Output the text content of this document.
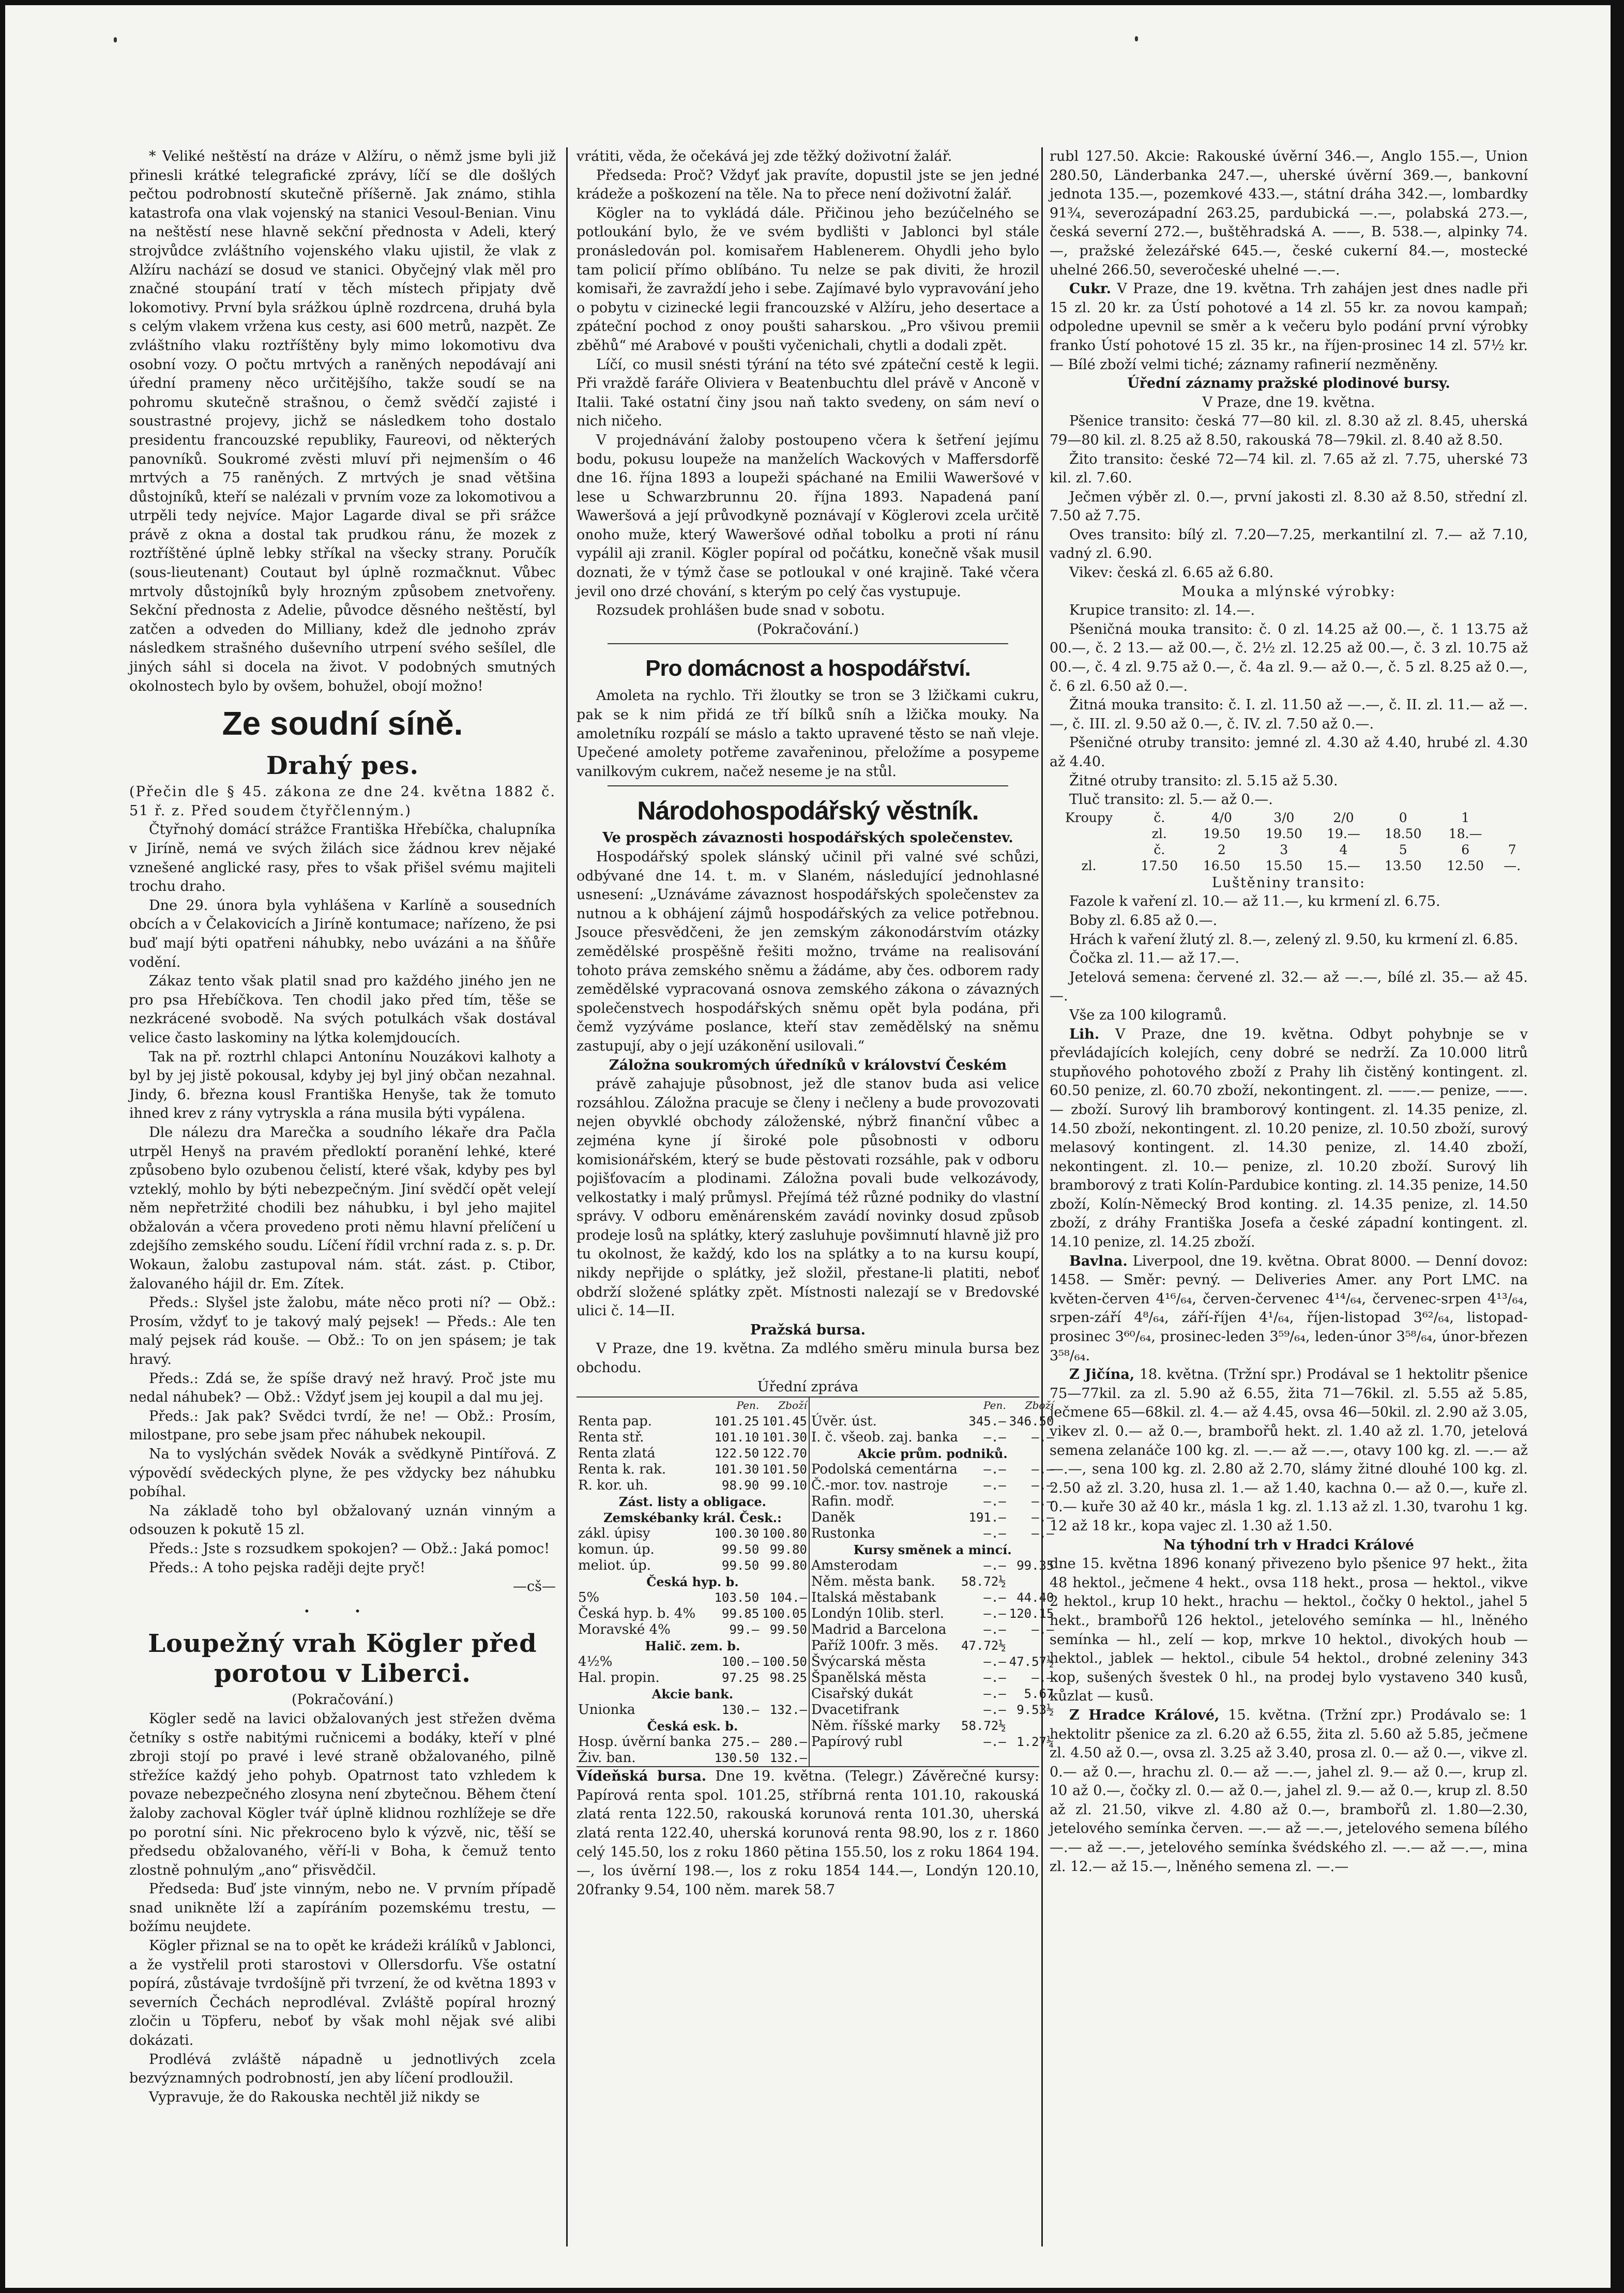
* Veliké neštěstí na dráze v Alžíru, o němž jsme byli již přinesli krátké telegrafické zprávy, líčí se dle došlých pečtou podrobností skutečně příšerně. Jak známo, stihla katastrofa ona vlak vojenský na stanici Vesoul-Benian. Vinu na neštěstí nese hlavně sekční přednosta v Adeli, který strojvůdce zvláštního vojenského vlaku ujistil, že vlak z Alžíru nachází se dosud ve stanici. Obyčejný vlak měl pro značné stoupání tratí v těch místech připjaty dvě lokomotivy. První byla srážkou úplně rozdrcena, druhá byla s celým vlakem vržena kus cesty, asi 600 metrů, nazpět. Ze zvláštního vlaku roztříštěny byly mimo lokomotivu dva osobní vozy. O počtu mrtvých a raněných nepodávají ani úřední prameny něco určitějšího, takže soudí se na pohromu skutečně strašnou, o čemž svědčí zajisté i soustrastné projevy, jichž se následkem toho dostalo presidentu francouzské republiky, Faureovi, od některých panovníků. Soukromé zvěsti mluví při nejmenším o 46 mrtvých a 75 raněných. Z mrtvých je snad většina důstojníků, kteří se nalézali v prvním voze za lokomotivou a utrpěli tedy nejvíce. Major Lagarde dival se při srážce právě z okna a dostal tak prudkou ránu, že mozek z roztříštěné úplně lebky stříkal na všecky strany. Poručík (sous-lieutenant) Coutaut byl úplně rozmačknut. Vůbec mrtvoly důstojníků byly hrozným způsobem znetvořeny. Sekční přednosta z Adelie, původce děsného neštěstí, byl zatčen a odveden do Milliany, kdež dle jednoho zpráv následkem strašného duševního utrpení svého sešílel, dle jiných sáhl si docela na život. V podobných smutných okolnostech bylo by ovšem, bohužel, obojí možno!

Ze soudní síně.
Drahý pes.

(Přečin dle § 45. zákona ze dne 24. května 1882 č. 51 ř. z. Před soudem čtyřčlenným.)

Čtyřnohý domácí strážce Františka Hřebíčka, chalupníka v Jiríně, nemá ve svých žilách sice žádnou krev nějaké vznešené anglické rasy, přes to však přišel svému majiteli trochu draho.

Dne 29. února byla vyhlášena v Karlíně a sousedních obcích a v Čelakovicích a Jiríně kontumace; nařízeno, že psi buď mají býti opatřeni náhubky, nebo uvázáni a na šňůře vodění.

Zákaz tento však platil snad pro každého jiného jen ne pro psa Hřebíčkova. Ten chodil jako před tím, těše se nezkrácené svobodě. Na svých potulkách však dostával velice často laskominy na lýtka kolemjdoucích.

Tak na př. roztrhl chlapci Antonínu Nouzákovi kalhoty a byl by jej jistě pokousal, kdyby jej byl jiný občan nezahnal. Jindy, 6. března kousl Františka Henyše, tak že tomuto ihned krev z rány vytryskla a rána musila býti vypálena.

Dle nálezu dra Marečka a soudního lékaře dra Pačla utrpěl Henyš na pravém předloktí poranění lehké, které způsobeno bylo ozubenou čelistí, které však, kdyby pes byl vzteklý, mohlo by býti nebezpečným. Jiní svědčí opět velejí něm nepřetržité chodili bez náhubku, i byl jeho majitel obžalován a včera provedeno proti němu hlavní přelíčení u zdejšího zemského soudu. Líčení řídil vrchní rada z. s. p. Dr. Wokaun, žalobu zastupoval nám. stát. zást. p. Ctibor, žalovaného hájil dr. Em. Zítek.

Předs.: Slyšel jste žalobu, máte něco proti ní? — Obž.: Prosím, vždyť to je takový malý pejsek! — Předs.: Ale ten malý pejsek rád kouše. — Obž.: To on jen spásem; je tak hravý.

Předs.: Zdá se, že spíše dravý než hravý. Proč jste mu nedal náhubek? — Obž.: Vždyť jsem jej koupil a dal mu jej.

Předs.: Jak pak? Svědci tvrdí, že ne! — Obž.: Prosím, milostpane, pro sebe jsam přec náhubek nekoupil.

Na to vyslýchán svědek Novák a svědkyně Pintířová. Z výpovědí svědeckých plyne, že pes vždycky bez náhubku pobíhal.

Na základě toho byl obžalovaný uznán vinným a odsouzen k pokutě 15 zl.

Předs.: Jste s rozsudkem spokojen? — Obž.: Jaká pomoc!

Předs.: A toho pejska raději dejte pryč!

—cš—

• •
Loupežný vrah Kögler před porotou v Liberci.

(Pokračování.)

Kögler sedě na lavici obžalovaných jest střežen dvěma četníky s ostře nabitými ručnicemi a bodáky, kteří v plné zbroji stojí po pravé i levé straně obžalovaného, pilně střežíce každý jeho pohyb. Opatrnost tato vzhledem k povaze nebezpečného zlosyna není zbytečnou. Během čtení žaloby zachoval Kögler tvář úplně klidnou rozhlížeje se dře po porotní síni. Nic překroceno bylo k výzvě, nic, těší se předsedu obžalovaného, věří-li v Boha, k čemuž tento zlostně pohnulým „ano“ přisvědčil.

Předseda: Buď jste vinným, nebo ne. V prvním případě snad unikněte lží a zapíráním pozemskému trestu, — božímu neujdete.

Kögler přiznal se na to opět ke krádeži králíků v Jablonci, a že vystřelil proti starostovi v Ollersdorfu. Vše ostatní popírá, zůstávaje tvrdošíjně při tvrzení, že od května 1893 v severních Čechách neprodléval. Zvláště popíral hrozný zločin u Töpferu, neboť by však mohl nějak své alibi dokázati.

Prodlévá zvláště nápadně u jednotlivých zcela bezvýznamných podrobností, jen aby líčení prodloužil.

Vypravuje, že do Rakouska nechtěl již nikdy se

vrátiti, věda, že očekává jej zde těžký doživotní žalář.

Předseda: Proč? Vždyť jak pravíte, dopustil jste se jen jedné krádeže a poškození na těle. Na to přece není doživotní žalář.

Kögler na to vykládá dále. Přičinou jeho bezúčelného se potloukání bylo, že ve svém bydlišti v Jablonci byl stále pronásledován pol. komisařem Hablenerem. Ohydli jeho bylo tam policií přímo oblíbáno. Tu nelze se pak diviti, že hrozil komisaři, že zavraždí jeho i sebe. Zajímavé bylo vypravování jeho o pobytu v cizinecké legii francouzské v Alžíru, jeho desertace a zpáteční pochod z onoy poušti saharskou. „Pro všivou premii zběhů“ mé Arabové v poušti vyčenichali, chytli a dodali zpět.

Líčí, co musil snésti týrání na této své zpáteční cestě k legii. Při vraždě faráře Oliviera v Beatenbuchtu dlel právě v Anconě v Italii. Také ostatní činy jsou naň takto svedeny, on sám neví o nich ničeho.

V projednávání žaloby postoupeno včera k šetření jejímu bodu, pokusu loupeže na manželích Wackových v Maffersdorfě dne 16. října 1893 a loupeži spáchané na Emilii Waweršové v lese u Schwarzbrunnu 20. října 1893. Napadená paní Waweršová a její průvodkyně poznávají v Köglerovi zcela určitě onoho muže, který Waweršové odňal tobolku a proti ní ránu vypálil aji zranil. Kögler popíral od počátku, konečně však musil doznati, že v týmž čase se potloukal v oné krajině. Také včera jevil ono drzé chování, s kterým po celý čas vystupuje.

Rozsudek prohlášen bude snad v sobotu.

(Pokračování.)

Pro domácnost a hospodářství.

Amoleta na rychlo. Tři žloutky se tron se 3 lžičkami cukru, pak se k nim přidá ze tří bílků sníh a lžička mouky. Na amoletníku rozpálí se máslo a takto upravené těsto se naň vleje. Upečené amolety potřeme zavařeninou, přeložíme a posypeme vanilkovým cukrem, načež neseme je na stůl.

Národohospodářský věstník.

Ve prospěch závaznosti hospodářských společenstev.

Hospodářský spolek slánský učinil při valné své schůzi, odbývané dne 14. t. m. v Slaném, následující jednohlasné usnesení: „Uznáváme závaznost hospodářských společenstev za nutnou a k obhájení zájmů hospodářských za velice potřebnou. Jsouce přesvědčeni, že jen zemským zákonodárstvím otázky zemědělské prospěšně řešiti možno, trváme na realisování tohoto práva zemského sněmu a žádáme, aby čes. odborem rady zemědělské vypracovaná osnova zemského zákona o závazných společenstvech hospodářských sněmu opět byla podána, při čemž vyzýváme poslance, kteří stav zemědělský na sněmu zastupují, aby o její uzákonění usilovali.“

Záložna soukromých úředníků v království Českém

právě zahajuje působnost, jež dle stanov buda asi velice rozsáhlou. Záložna pracuje se členy i nečleny a bude provozovati nejen obyvklé obchody záloženské, nýbrž finanční vůbec a zejména kyne jí široké pole působnosti v odboru komisionářském, který se bude pěstovati rozsáhle, pak v odboru pojišťovacím a plodinami. Záložna povali bude velkozávody, velkostatky i malý průmysl. Přejímá též různé podniky do vlastní správy. V odboru eměnárenském zavádí novinky dosud způsob prodeje losů na splátky, který zasluhuje povšimnutí hlavně již pro tu okolnost, že každý, kdo los na splátky a to na kursu koupí, nikdy nepřijde o splátky, jež složil, přestane-li platiti, neboť obdrží složené splátky zpět. Místnosti nalezají se v Bredovské ulici č. 14—II.

Pražská bursa.

V Praze, dne 19. května. Za mdlého směru minula bursa bez obchodu.

Úřední zpráva

	Pen.	Zboží
Renta pap.	101.25	101.45
Renta stř.	101.10	101.30
Renta zlatá	122.50	122.70
Renta k. rak.	101.30	101.50
R. kor. uh.	98.90	99.10
Zást. listy a obligace.		
Zemskébanky král. Česk.:		
zákl. úpisy	100.30	100.80
komun. úp.	99.50	99.80
meliot. úp.	99.50	99.80
Česká hyp. b.		
5%	103.50	104.—
Česká hyp. b. 4%	99.85	100.05
Moravské 4%	99.—	99.50
Halič. zem. b.		
4½%	100.—	100.50
Hal. propin.	97.25	98.25
Akcie bank.		
Unionka	130.—	132.—
Česká esk. b.		
Hosp. úvěrní banka	275.—	280.—
Živ. ban.	130.50	132.—
	Pen.	Zboží
Úvěr. úst.	345.—	346.50
I. č. všeob. zaj. banka	—.—	—.—
Akcie prům. podniků.		
Podolská cementárna	—.—	—.—
Č.-mor. tov. nastroje	—.—	—.—
Rafin. modř.	—.—	—.—
Daněk	191.—	—.—
Rustonka	—.—	—.—
Kursy směnek a mincí.		
Amsterodam	—.—	99.35
Něm. města bank.	58.72½	
Italská městabank	—.—	44.40
Londýn 10lib. sterl.	—.—	120.15
Madrid a Barcelona	—.—	—.—
Paříž 100fr. 3 měs.	47.72½	
Švýcarská města	—.—	47.57½
Španělská města	—.—	—.—
Cisařský dukát	—.—	5.67
Dvacetifrank	—.—	9.53½
Něm. říšské marky	58.72½	
Papírový rubl	—.—	1.27¼

Vídeňská bursa. Dne 19. května. (Telegr.) Závěrečné kursy: Papírová renta spol. 101.25, stříbrná renta 101.10, rakouská zlatá renta 122.50, rakouská korunová renta 101.30, uherská zlatá renta 122.40, uherská korunová renta 98.90, los z r. 1860 celý 145.50, los z roku 1860 pětina 155.50, los z roku 1864 194.—, los úvěrní 198.—, los z roku 1854 144.—, Londýn 120.10, 20franky 9.54, 100 něm. marek 58.7

rubl 127.50. Akcie: Rakouské úvěrní 346.—, Anglo 155.—, Union 280.50, Länderbanka 247.—, uherské úvěrní 369.—, bankovní jednota 135.—, pozemkové 433.—, státní dráha 342.—, lombardky 91¾, severozápadní 263.25, pardubická —.—, polabská 273.—, česká severní 272.—, buštěhradská A. ——, B. 538.—, alpinky 74.—, pražské železářské 645.—, české cukerní 84.—, mostecké uhelné 266.50, severočeské uhelné —.—.

Cukr. V Praze, dne 19. května. Trh zahájen jest dnes nadle při 15 zl. 20 kr. za Ústí pohotové a 14 zl. 55 kr. za novou kampaň; odpoledne upevnil se směr a k večeru bylo podání první výrobky franko Ústí pohotové 15 zl. 35 kr., na říjen-prosinec 14 zl. 57½ kr. — Bílé zboží velmi tiché; záznamy rafinerií nezměněny.

Úřední záznamy pražské plodinové bursy.

V Praze, dne 19. května.

Pšenice transito: česká 77—80 kil. zl. 8.30 až zl. 8.45, uherská 79—80 kil. zl. 8.25 až 8.50, rakouská 78—79kil. zl. 8.40 až 8.50.

Žito transito: české 72—74 kil. zl. 7.65 až zl. 7.75, uherské 73 kil. zl. 7.60.

Ječmen výběr zl. 0.—, první jakosti zl. 8.30 až 8.50, střední zl. 7.50 až 7.75.

Oves transito: bílý zl. 7.20—7.25, merkantilní zl. 7.— až 7.10, vadný zl. 6.90.

Vikev: česká zl. 6.65 až 6.80.

Mouka a mlýnské výrobky:

Krupice transito: zl. 14.—.

Pšeničná mouka transito: č. 0 zl. 14.25 až 00.—, č. 1 13.75 až 00.—, č. 2 13.— až 00.—, č. 2½ zl. 12.25 až 00.—, č. 3 zl. 10.75 až 00.—, č. 4 zl. 9.75 až 0.—, č. 4a zl. 9.— až 0.—, č. 5 zl. 8.25 až 0.—, č. 6 zl. 6.50 až 0.—.

Žitná mouka transito: č. I. zl. 11.50 až —.—, č. II. zl. 11.— až —.—, č. III. zl. 9.50 až 0.—, č. IV. zl. 7.50 až 0.—.

Pšeničné otruby transito: jemné zl. 4.30 až 4.40, hrubé zl. 4.30 až 4.40.

Žitné otruby transito: zl. 5.15 až 5.30.

Tluč transito: zl. 5.— až 0.—.

Kroupy	č.	4/0	3/0	2/0	0	1	
	zl.	19.50	19.50	19.—	18.50	18.—	
	č.	2	3	4	5	6	7
zl.	17.50	16.50	15.50	15.—	13.50	12.50	—.

Luštěniny transito:

Fazole k vaření zl. 10.— až 11.—, ku krmení zl. 6.75.

Boby zl. 6.85 až 0.—.

Hrách k vaření žlutý zl. 8.—, zelený zl. 9.50, ku krmení zl. 6.85.

Čočka zl. 11.— až 17.—.

Jetelová semena: červené zl. 32.— až —.—, bílé zl. 35.— až 45.—.

Vše za 100 kilogramů.

Lih. V Praze, dne 19. května. Odbyt pohybnje se v převládajících kolejích, ceny dobré se nedrží. Za 10.000 litrů stupňového pohotového zboží z Prahy lih čistěný kontingent. zl. 60.50 penize, zl. 60.70 zboží, nekontingent. zl. ——.— penize, ——.— zboží. Surový lih bramborový kontingent. zl. 14.35 penize, zl. 14.50 zboží, nekontingent. zl. 10.20 penize, zl. 10.50 zboží, surový melasový kontingent. zl. 14.30 penize, zl. 14.40 zboží, nekontingent. zl. 10.— penize, zl. 10.20 zboží. Surový lih bramborový z trati Kolín-Pardubice konting. zl. 14.35 penize, 14.50 zboží, Kolín-Německý Brod konting. zl. 14.35 penize, zl. 14.50 zboží, z dráhy Františka Josefa a české západní kontingent. zl. 14.10 penize, zl. 14.25 zboží.

Bavlna. Liverpool, dne 19. května. Obrat 8000. — Denní dovoz: 1458. — Směr: pevný. — Deliveries Amer. any Port LMC. na květen-červen 4¹⁶/₆₄, červen-červenec 4¹⁴/₆₄, červenec-srpen 4¹³/₆₄, srpen-září 4⁸/₆₄, září-říjen 4¹/₆₄, říjen-listopad 3⁶²/₆₄, listopad-prosinec 3⁶⁰/₆₄, prosinec-leden 3⁵⁹/₆₄, leden-únor 3⁵⁸/₆₄, únor-březen 3⁵⁸/₆₄.

Z Jičína, 18. května. (Tržní spr.) Prodával se 1 hektolitr pšenice 75—77kil. za zl. 5.90 až 6.55, žita 71—76kil. zl. 5.55 až 5.85, ječmene 65—68kil. zl. 4.— až 4.45, ovsa 46—50kil. zl. 2.90 až 3.05, vikev zl. 0.— až 0.—, brambořů hekt. zl. 1.40 až zl. 1.70, jetelová semena zelanáče 100 kg. zl. —.— až —.—, otavy 100 kg. zl. —.— až —.—, sena 100 kg. zl. 2.80 až 2.70, slámy žitné dlouhé 100 kg. zl. 2.50 až zl. 3.20, husa zl. 1.— až 1.40, kachna 0.— až 0.—, kuře zl. 0.— kuře 30 až 40 kr., másla 1 kg. zl. 1.13 až zl. 1.30, tvarohu 1 kg. 12 až 18 kr., kopa vajec zl. 1.30 až 1.50.

Na týhodní trh v Hradci Králové

dne 15. května 1896 konaný přivezeno bylo pšenice 97 hekt., žita 48 hektol., ječmene 4 hekt., ovsa 118 hekt., prosa — hektol., vikve 2 hektol., krup 10 hekt., hrachu — hektol., čočky 0 hektol., jahel 5 hekt., brambořů 126 hektol., jetelového semínka — hl., lněného semínka — hl., zelí — kop, mrkve 10 hektol., divokých houb — hektol., jablek — hektol., cibule 54 hektol., drobné zeleniny 343 kop, sušených švestek 0 hl., na prodej bylo vystaveno 340 kusů, kůzlat — kusů.

Z Hradce Králové, 15. května. (Tržní zpr.) Prodávalo se: 1 hektolitr pšenice za zl. 6.20 až 6.55, žita zl. 5.60 až 5.85, ječmene zl. 4.50 až 0.—, ovsa zl. 3.25 až 3.40, prosa zl. 0.— až 0.—, vikve zl. 0.— až 0.—, hrachu zl. 0.— až —.—, jahel zl. 9.— až 0.—, krup zl. 10 až 0.—, čočky zl. 0.— až 0.—, jahel zl. 9.— až 0.—, krup zl. 8.50 až zl. 21.50, vikve zl. 4.80 až 0.—, brambořů zl. 1.80—2.30, jetelového semínka červen. —.— až —.—, jetelového semena bílého —.— až —.—, jetelového semínka švédského zl. —.— až —.—, mina zl. 12.— až 15.—, lněného semena zl. —.—
